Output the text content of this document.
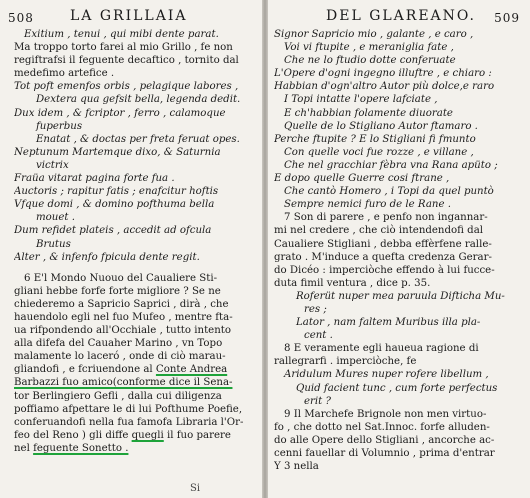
508	LA GRILLAIA
Exitium , tenui , qui mibi dente parat.
Ma troppo torto farei al mio Grillo , fe non
regiftrafsi il feguente decaftico , tornito dal
medefimo artefice .
Tot poft emenfos orbis , pelagique labores ,
Dextera qua gefsit bella, legenda dedit.
Dux idem , & fcriptor , ferro , calamoque
fuperbus
Enatat , & doctas per freta feruat opes.
Neptunum Martemque dixo, & Saturnia
victrix
Fraüa vitarat pagina forte fua .
Auctoris ; rapitur fatis ; enafcitur hoftis
Vfque domi , & domino pofthuma bella
mouet .
Dum refidet plateis , accedit ad ofcula
Brutus
Alter , & infenfo fpicula dente regit.
6 E'l Mondo Nuouo del Caualiere Sti-
gliani hebbe forfe forte migliore ? Se ne
chiederemo a Sapricio Saprici , dirà , che
hauendolo egli nel fuo Mufeo , mentre fta-
ua rifpondendo all'Occhiale , tutto intento
alla difefa del Cauaher Marino , vn Topo
malamente lo laceró , onde di ciò marau-
gliandofi , e fcriuendone al Conte Andrea
Barbazzi fuo amico(conforme dice il Sena-
tor Berlingiero Gefli , dalla cui diligenza
poffiamo afpettare le di lui Pofthume Poefie,
conferuandofi nella fua famofa Libraria l'Or-
feo del Reno ) gli diffe quegli il fuo parere
nel feguente Sonetto .
Si
DEL GLAREANO. 509
Signor Sapricio mio , galante , e caro ,
Voi vi ftupite , e meraniglia fate ,
Che ne lo ftudio dotte conferuate
L'Opere d'ogni ingegno illuftre , e chiaro :
Habbian d'ogn'altro Autor più dolce,e raro
I Topi intatte l'opere lafciate ,
E ch'habbian folamente diuorate
Quelle de lo Stigliano Autor ftamaro .
Perche ftupite ? E lo Stigliani fi fmunto
Con quelle voci fue rozze , e villane ,
Che nel gracchiar fèbra vna Rana apüto ;
E dopo quelle Guerre cosi ftrane ,
Che cantò Homero , i Topi da quel puntò
Sempre nemici furo de le Rane .
7 Son di parere , e penfo non ingannar-
mi nel credere , che ciò intendendofi dal
Caualiere Stigliani , debba effèrfene ralle-
grato . M'induce a quefta credenza Gerar-
do Dicéo : imperciòche effendo à lui fucce-
duta fimil ventura , dice p. 35.
Roferüt nuper mea paruula Difticha Mu-
res ;
Lator , nam faltem Muribus illa pla-
cent .
8 E veramente egli haueua ragione di
rallegrarfi . imperciòche, fe
Aridulum Mures nuper rofere libellum ,
Quid facient tunc , cum forte perfectus
erit ?
9 Il Marchefe Brignole non men virtuo-
fo , che dotto nel Sat.Innoc. forfe alluden-
do alle Opere dello Stigliani , ancorche ac-
cenni fauellar di Volumnio , prima d'entrar
Y 3 nella
